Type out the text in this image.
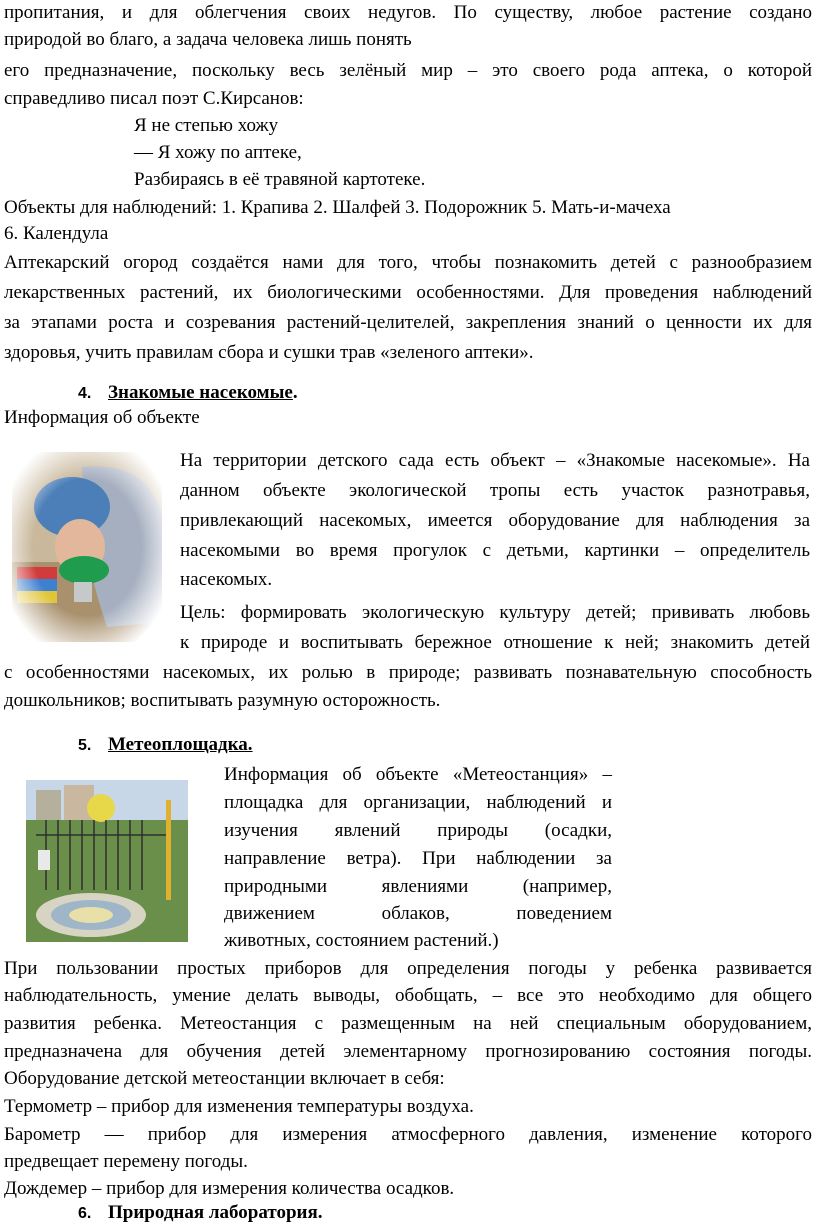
пропитания, и для облегчения своих недугов. По существу, любое растение создано

природой во благо, а задача человека лишь понять

его предназначение, поскольку весь зелёный мир – это своего рода аптека, о которой

справедливо писал поэт С.Кирсанов:

Я не степью хожу

— Я хожу по аптеке,

Разбираясь в её травяной картотеке.

Объекты для наблюдений: 1. Крапива 2. Шалфей 3. Подорожник 5. Мать-и-мачеха

6. Календула

Аптекарский огород создаётся нами для того, чтобы познакомить детей с разнообразием

лекарственных растений, их биологическими особенностями. Для проведения наблюдений

за этапами роста и созревания растений-целителей, закрепления знаний о ценности их для

здоровья, учить правилам сбора и сушки трав «зеленого аптеки».

4. Знакомые насекомые.

Информация об объекте

На территории детского сада есть объект – «Знакомые насекомые». На

данном объекте экологической тропы есть участок разнотравья,

привлекающий насекомых, имеется оборудование для наблюдения за

насекомыми во время прогулок с детьми, картинки – определитель

насекомых.

Цель: формировать экологическую культуру детей; прививать любовь

к природе и воспитывать бережное отношение к ней; знакомить детей

с особенностями насекомых, их ролью в природе; развивать познавательную способность

дошкольников; воспитывать разумную осторожность.

5. Метеоплощадка.

Информация об объекте «Метеостанция» –

площадка для организации, наблюдений и

изучения явлений природы (осадки,

направление ветра). При наблюдении за

природными явлениями (например,

движением облаков, поведением

животных, состоянием растений.)

При пользовании простых приборов для определения погоды у ребенка развивается

наблюдательность, умение делать выводы, обобщать, – все это необходимо для общего

развития ребенка. Метеостанция с размещенным на ней специальным оборудованием,

предназначена для обучения детей элементарному прогнозированию состояния погоды.

Оборудование детской метеостанции включает в себя:

Термометр – прибор для изменения температуры воздуха.

Барометр — прибор для измерения атмосферного давления, изменение которого

предвещает перемену погоды.

Дождемер – прибор для измерения количества осадков.

6. Природная лаборатория.
